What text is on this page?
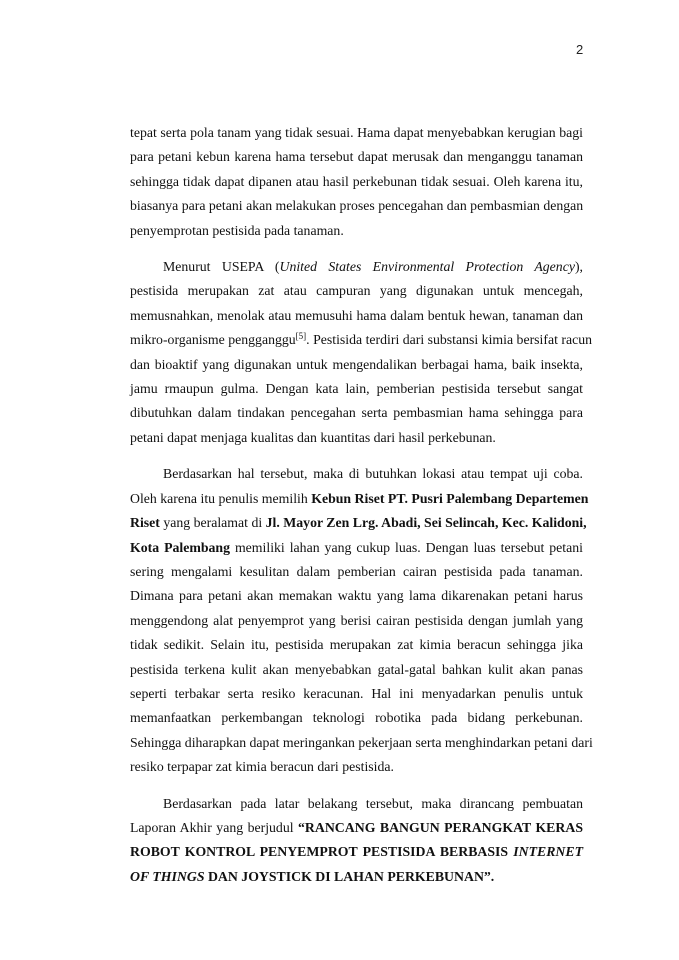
2

tepat serta pola tanam yang tidak sesuai. Hama dapat menyebabkan kerugian bagi
para petani kebun karena hama tersebut dapat merusak dan menganggu tanaman
sehingga tidak dapat dipanen atau hasil perkebunan tidak sesuai. Oleh karena itu,
biasanya para petani akan melakukan proses pencegahan dan pembasmian dengan
penyemprotan pestisida pada tanaman.

Menurut USEPA (United States Environmental Protection Agency),
pestisida merupakan zat atau campuran yang digunakan untuk mencegah,
memusnahkan, menolak atau memusuhi hama dalam bentuk hewan, tanaman dan
mikro-organisme pengganggu[5]. Pestisida terdiri dari substansi kimia bersifat racun
dan bioaktif yang digunakan untuk mengendalikan berbagai hama, baik insekta,
jamu rmaupun gulma. Dengan kata lain, pemberian pestisida tersebut sangat
dibutuhkan dalam tindakan pencegahan serta pembasmian hama sehingga para
petani dapat menjaga kualitas dan kuantitas dari hasil perkebunan.

Berdasarkan hal tersebut, maka di butuhkan lokasi atau tempat uji coba.
Oleh karena itu penulis memilih Kebun Riset PT. Pusri Palembang Departemen
Riset yang beralamat di Jl. Mayor Zen Lrg. Abadi, Sei Selincah, Kec. Kalidoni,
Kota Palembang memiliki lahan yang cukup luas. Dengan luas tersebut petani
sering mengalami kesulitan dalam pemberian cairan pestisida pada tanaman.
Dimana para petani akan memakan waktu yang lama dikarenakan petani harus
menggendong alat penyemprot yang berisi cairan pestisida dengan jumlah yang
tidak sedikit. Selain itu, pestisida merupakan zat kimia beracun sehingga jika
pestisida terkena kulit akan menyebabkan gatal-gatal bahkan kulit akan panas
seperti terbakar serta resiko keracunan. Hal ini menyadarkan penulis untuk
memanfaatkan perkembangan teknologi robotika pada bidang perkebunan.
Sehingga diharapkan dapat meringankan pekerjaan serta menghindarkan petani dari
resiko terpapar zat kimia beracun dari pestisida.

Berdasarkan pada latar belakang tersebut, maka dirancang pembuatan
Laporan Akhir yang berjudul “RANCANG BANGUN PERANGKAT KERAS
ROBOT KONTROL PENYEMPROT PESTISIDA BERBASIS INTERNET
OF THINGS DAN JOYSTICK DI LAHAN PERKEBUNAN”.
